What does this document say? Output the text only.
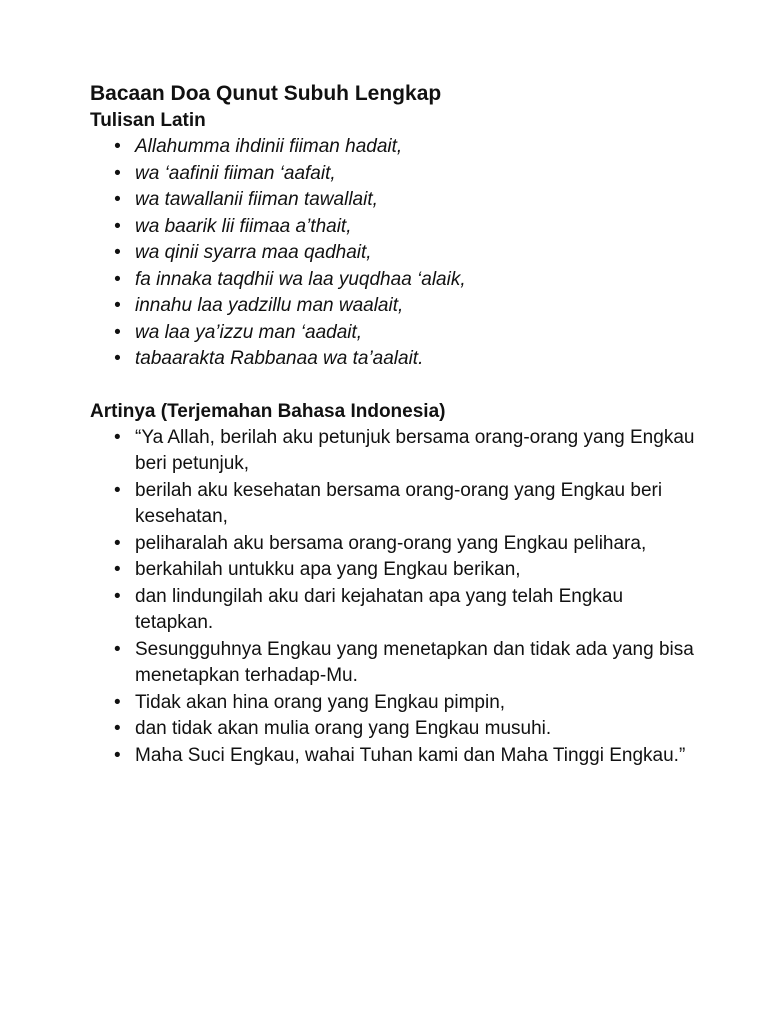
Bacaan Doa Qunut Subuh Lengkap
Tulisan Latin
• Allahumma ihdinii fiiman hadait,
• wa ‘aafinii fiiman ‘aafait,
• wa tawallanii fiiman tawallait,
• wa baarik lii fiimaa a’thait,
• wa qinii syarra maa qadhait,
• fa innaka taqdhii wa laa yuqdhaa ‘alaik,
• innahu laa yadzillu man waalait,
• wa laa ya’izzu man ‘aadait,
• tabaarakta Rabbanaa wa ta’aalait.
Artinya (Terjemahan Bahasa Indonesia)
• “Ya Allah, berilah aku petunjuk bersama orang-orang yang Engkau beri petunjuk,
• berilah aku kesehatan bersama orang-orang yang Engkau beri kesehatan,
• peliharalah aku bersama orang-orang yang Engkau pelihara,
• berkahilah untukku apa yang Engkau berikan,
• dan lindungilah aku dari kejahatan apa yang telah Engkau tetapkan.
• Sesungguhnya Engkau yang menetapkan dan tidak ada yang bisa menetapkan terhadap-Mu.
• Tidak akan hina orang yang Engkau pimpin,
• dan tidak akan mulia orang yang Engkau musuhi.
• Maha Suci Engkau, wahai Tuhan kami dan Maha Tinggi Engkau.”
